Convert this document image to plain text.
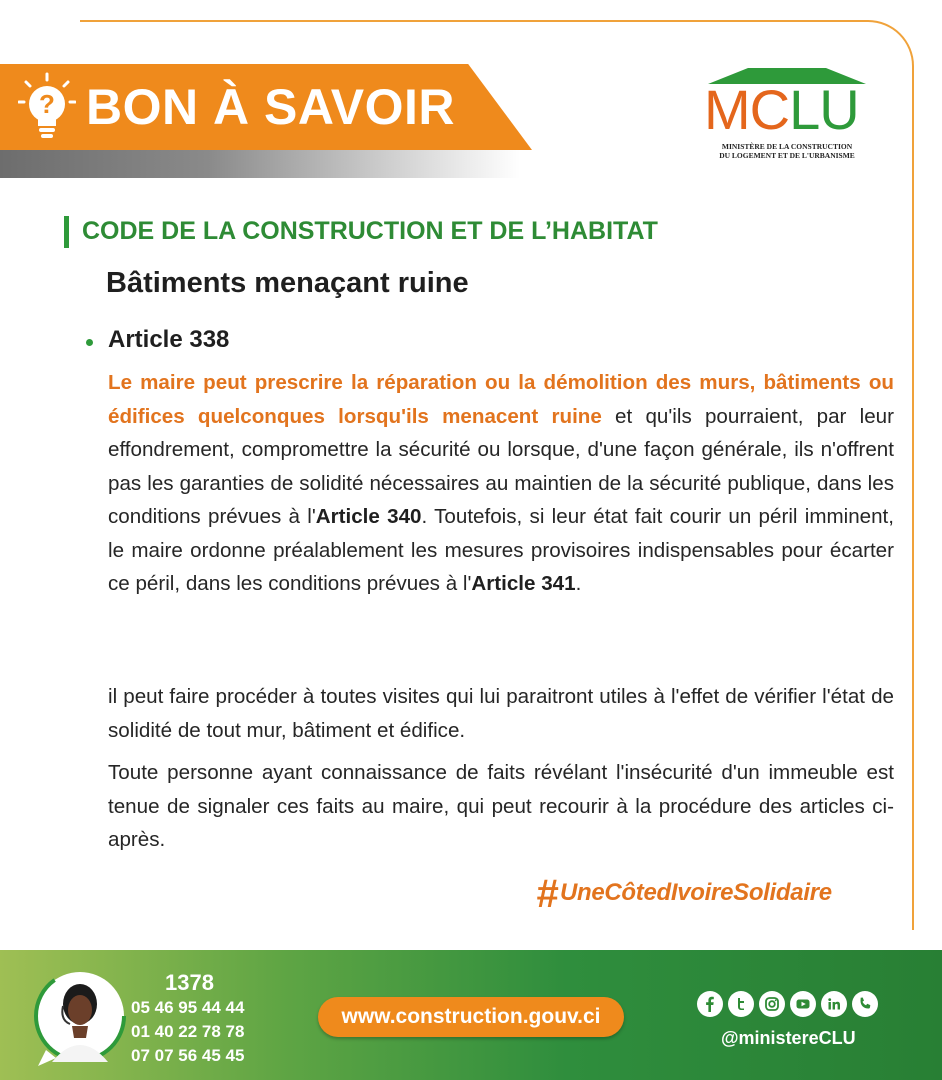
? BON À SAVOIR	MCLU
MINISTÈRE DE LA CONSTRUCTION
DU LOGEMENT ET DE L'URBANISME
CODE DE LA CONSTRUCTION ET DE L’HABITAT
Bâtiments menaçant ruine
Article 338

Le maire peut prescrire la réparation ou la démolition des murs, bâtiments ou édifices quelconques lorsqu'ils menacent ruine et qu'ils pourraient, par leur effondrement, compromettre la sécurité ou lorsque, d'une façon générale, ils n'offrent pas les garanties de solidité nécessaires au maintien de la sécurité publique, dans les conditions prévues à l'Article 340. Toutefois, si leur état fait courir un péril imminent, le maire ordonne préalablement les mesures provisoires indispensables pour écarter ce péril, dans les conditions prévues à l'Article 341.

il peut faire procéder à toutes visites qui lui paraitront utiles à l'effet de vérifier l'état de solidité de tout mur, bâtiment et édifice.

Toute personne ayant connaissance de faits révélant l'insécurité d'un immeuble est tenue de signaler ces faits au maire, qui peut recourir à la procédure des articles ci- après.

#UneCôtedIvoireSolidaire
1378
05 46 95 44 44
01 40 22 78 78
07 07 56 45 45
www.construction.gouv.ci
@ministereCLU
